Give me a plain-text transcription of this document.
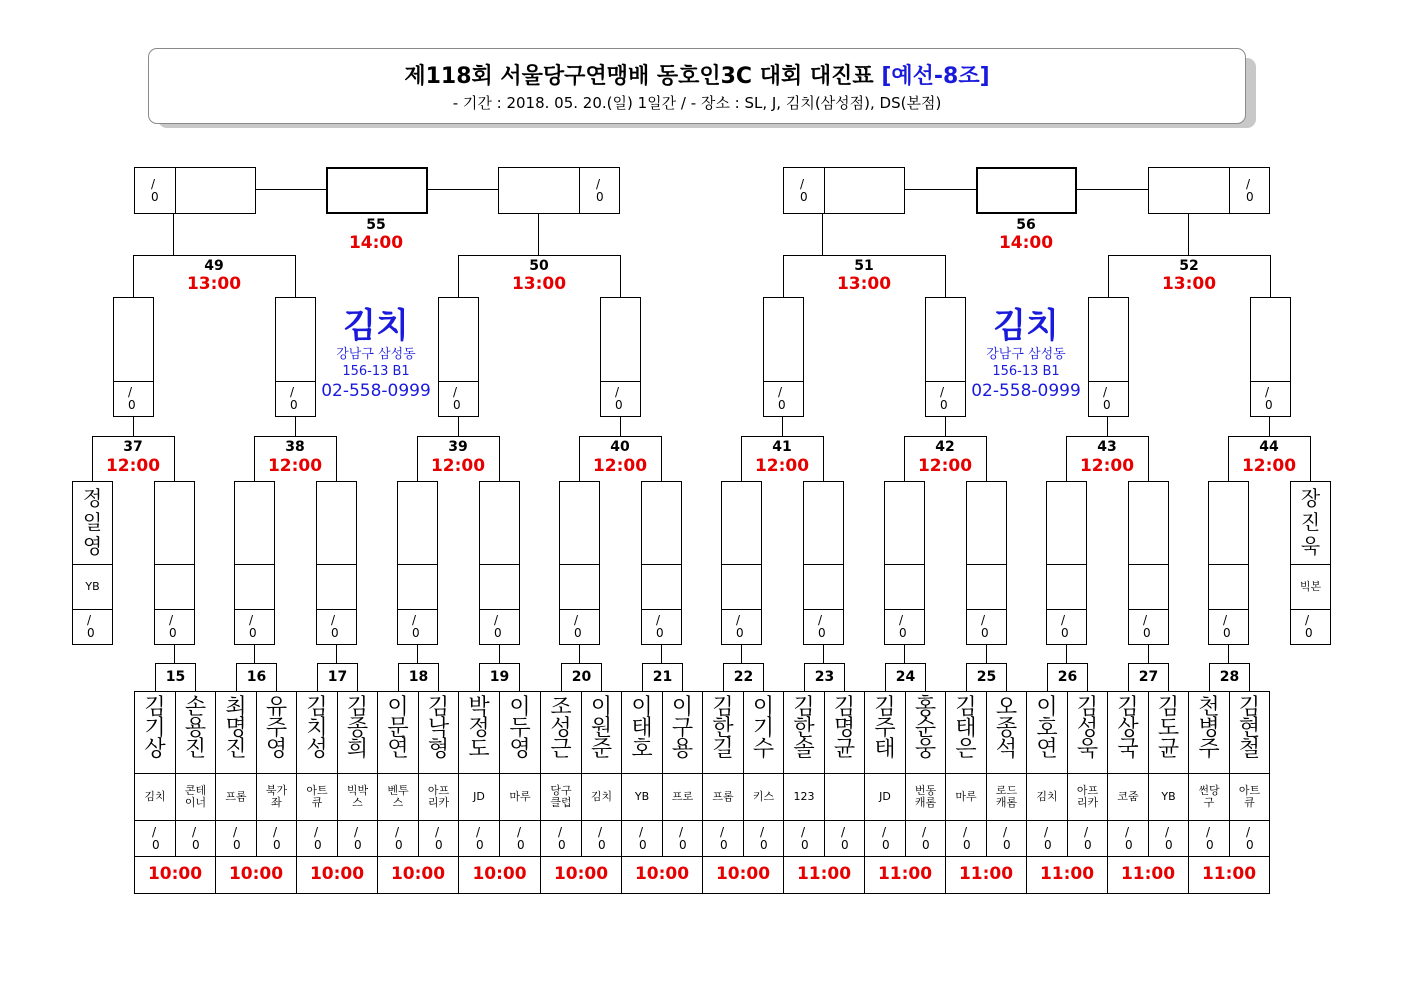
제118회 서울당구연맹배 동호인3C 대회 대진표 [예선-8조]
- 기간 : 2018. 05. 20.(일) 1일간 / - 장소 : SL, J, 김치(삼성점), DS(본점)
/
0
/
0
55
14:00
/
0
/
0
56
14:00
49
13:00
/
0
/
0
50
13:00
/
0
/
0
51
13:00
/
0
/
0
52
13:00
/
0
/
0
김치
강남구 삼성동
156-13 B1
02-558-0999
김치
강남구 삼성동
156-13 B1
02-558-0999
37
12:00
38
12:00
39
12:00
40
12:00
41
12:00
42
12:00
43
12:00
44
12:00
/
0
정
일
영
YB
/
0
/
0
/
0
/
0
/
0
/
0
/
0
/
0
/
0
/
0
/
0
/
0
/
0
/
0
/
0
장
진
욱
빅본
15
김
기
상
김치
/
0
손
용
진
콘테
이너
/
0
10:00
16
최
명
진
프롬
/
0
유
주
영
북가
좌
/
0
10:00
17
김
치
성
아트
큐
/
0
김
종
희
빅박
스
/
0
10:00
18
이
문
연
벤투
스
/
0
김
낙
형
아프
리카
/
0
10:00
19
박
정
도
JD
/
0
이
두
영
마루
/
0
10:00
20
조
성
근
당구
클럽
/
0
이
원
준
김치
/
0
10:00
21
이
태
호
YB
/
0
이
구
용
프로
/
0
10:00
22
김
한
길
프롬
/
0
이
기
수
키스
/
0
10:00
23
김
한
솔
123
/
0
김
명
균
/
0
11:00
24
김
주
태
JD
/
0
홍
순
웅
번동
캐롬
/
0
11:00
25
김
태
은
마루
/
0
오
종
석
로드
캐롬
/
0
11:00
26
이
호
연
김치
/
0
김
성
욱
아프
리카
/
0
11:00
27
김
상
국
코줌
/
0
김
도
균
YB
/
0
11:00
28
천
병
주
썬당
구
/
0
김
현
철
아트
큐
/
0
11:00
